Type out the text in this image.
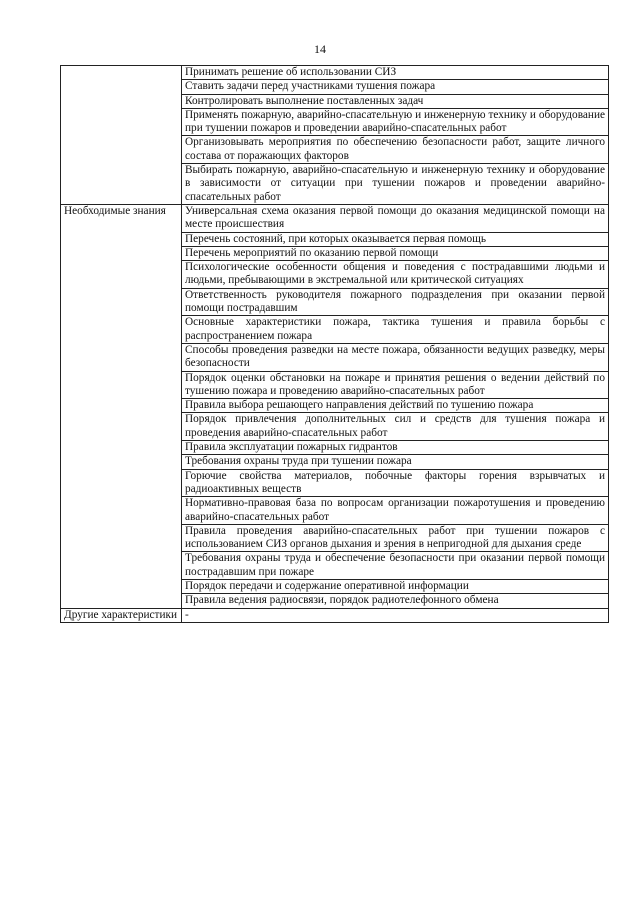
14
	Принимать решение об использовании СИЗ
	Ставить задачи перед участниками тушения пожара
	Контролировать выполнение поставленных задач
	Применять пожарную, аварийно-спасательную и инженерную технику и оборудование при тушении пожаров и проведении аварийно-спасательных работ
	Организовывать мероприятия по обеспечению безопасности работ, защите личного состава от поражающих факторов
	Выбирать пожарную, аварийно-спасательную и инженерную технику и оборудование в зависимости от ситуации при тушении пожаров и проведении аварийно-спасательных работ
Необходимые знания	Универсальная схема оказания первой помощи до оказания медицинской помощи на месте происшествия
	Перечень состояний, при которых оказывается первая помощь
	Перечень мероприятий по оказанию первой помощи
	Психологические особенности общения и поведения с пострадавшими людьми и людьми, пребывающими в экстремальной или критической ситуациях
	Ответственность руководителя пожарного подразделения при оказании первой помощи пострадавшим
	Основные характеристики пожара, тактика тушения и правила борьбы с распространением пожара
	Способы проведения разведки на месте пожара, обязанности ведущих разведку, меры безопасности
	Порядок оценки обстановки на пожаре и принятия решения о ведении действий по тушению пожара и проведению аварийно-спасательных работ
	Правила выбора решающего направления действий по тушению пожара
	Порядок привлечения дополнительных сил и средств для тушения пожара и проведения аварийно-спасательных работ
	Правила эксплуатации пожарных гидрантов
	Требования охраны труда при тушении пожара
	Горючие свойства материалов, побочные факторы горения взрывчатых и радиоактивных веществ
	Нормативно-правовая база по вопросам организации пожаротушения и проведению аварийно-спасательных работ
	Правила проведения аварийно-спасательных работ при тушении пожаров с использованием СИЗ органов дыхания и зрения в непригодной для дыхания среде
	Требования охраны труда и обеспечение безопасности при оказании первой помощи пострадавшим при пожаре
	Порядок передачи и содержание оперативной информации
	Правила ведения радиосвязи, порядок радиотелефонного обмена
Другие характеристики	-
